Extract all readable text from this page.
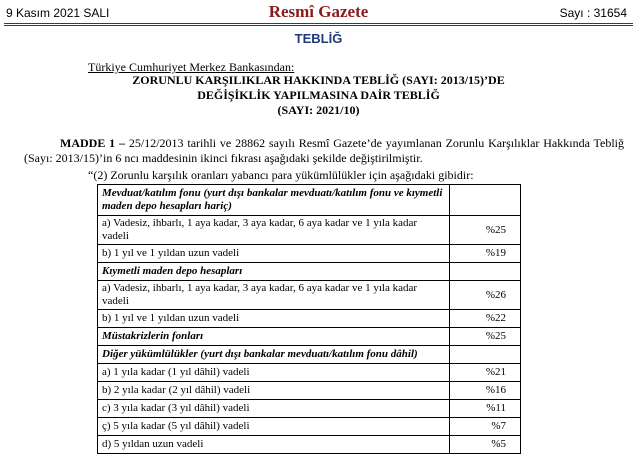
9 Kasım 2021 SALI	Resmî Gazete	Sayı : 31654
TEBLİĞ
Türkiye Cumhuriyet Merkez Bankasından:
ZORUNLU KARŞILIKLAR HAKKINDA TEBLİĞ (SAYI: 2013/15)’DE
DEĞİŞİKLİK YAPILMASINA DAİR TEBLİĞ
(SAYI: 2021/10)
MADDE 1 – 25/12/2013 tarihli ve 28862 sayılı Resmî Gazete’de yayımlanan Zorunlu Karşılıklar Hakkında Tebliğ (Sayı: 2013/15)’in 6 ncı maddesinin ikinci fıkrası aşağıdaki şekilde değiştirilmiştir.
“(2) Zorunlu karşılık oranları yabancı para yükümlülükler için aşağıdaki gibidir:
Mevduat/katılım fonu (yurt dışı bankalar mevduatı/katılım fonu ve kıymetli maden depo hesapları hariç)	
a) Vadesiz, ihbarlı, 1 aya kadar, 3 aya kadar, 6 aya kadar ve 1 yıla kadar vadeli	%25
b) 1 yıl ve 1 yıldan uzun vadeli	%19
Kıymetli maden depo hesapları	
a) Vadesiz, ihbarlı, 1 aya kadar, 3 aya kadar, 6 aya kadar ve 1 yıla kadar vadeli	%26
b) 1 yıl ve 1 yıldan uzun vadeli	%22
Müstakrizlerin fonları	%25
Diğer yükümlülükler (yurt dışı bankalar mevduatı/katılım fonu dâhil)	
a) 1 yıla kadar (1 yıl dâhil) vadeli	%21
b) 2 yıla kadar (2 yıl dâhil) vadeli	%16
c) 3 yıla kadar (3 yıl dâhil) vadeli	%11
ç) 5 yıla kadar (5 yıl dâhil) vadeli	%7
d) 5 yıldan uzun vadeli	%5
